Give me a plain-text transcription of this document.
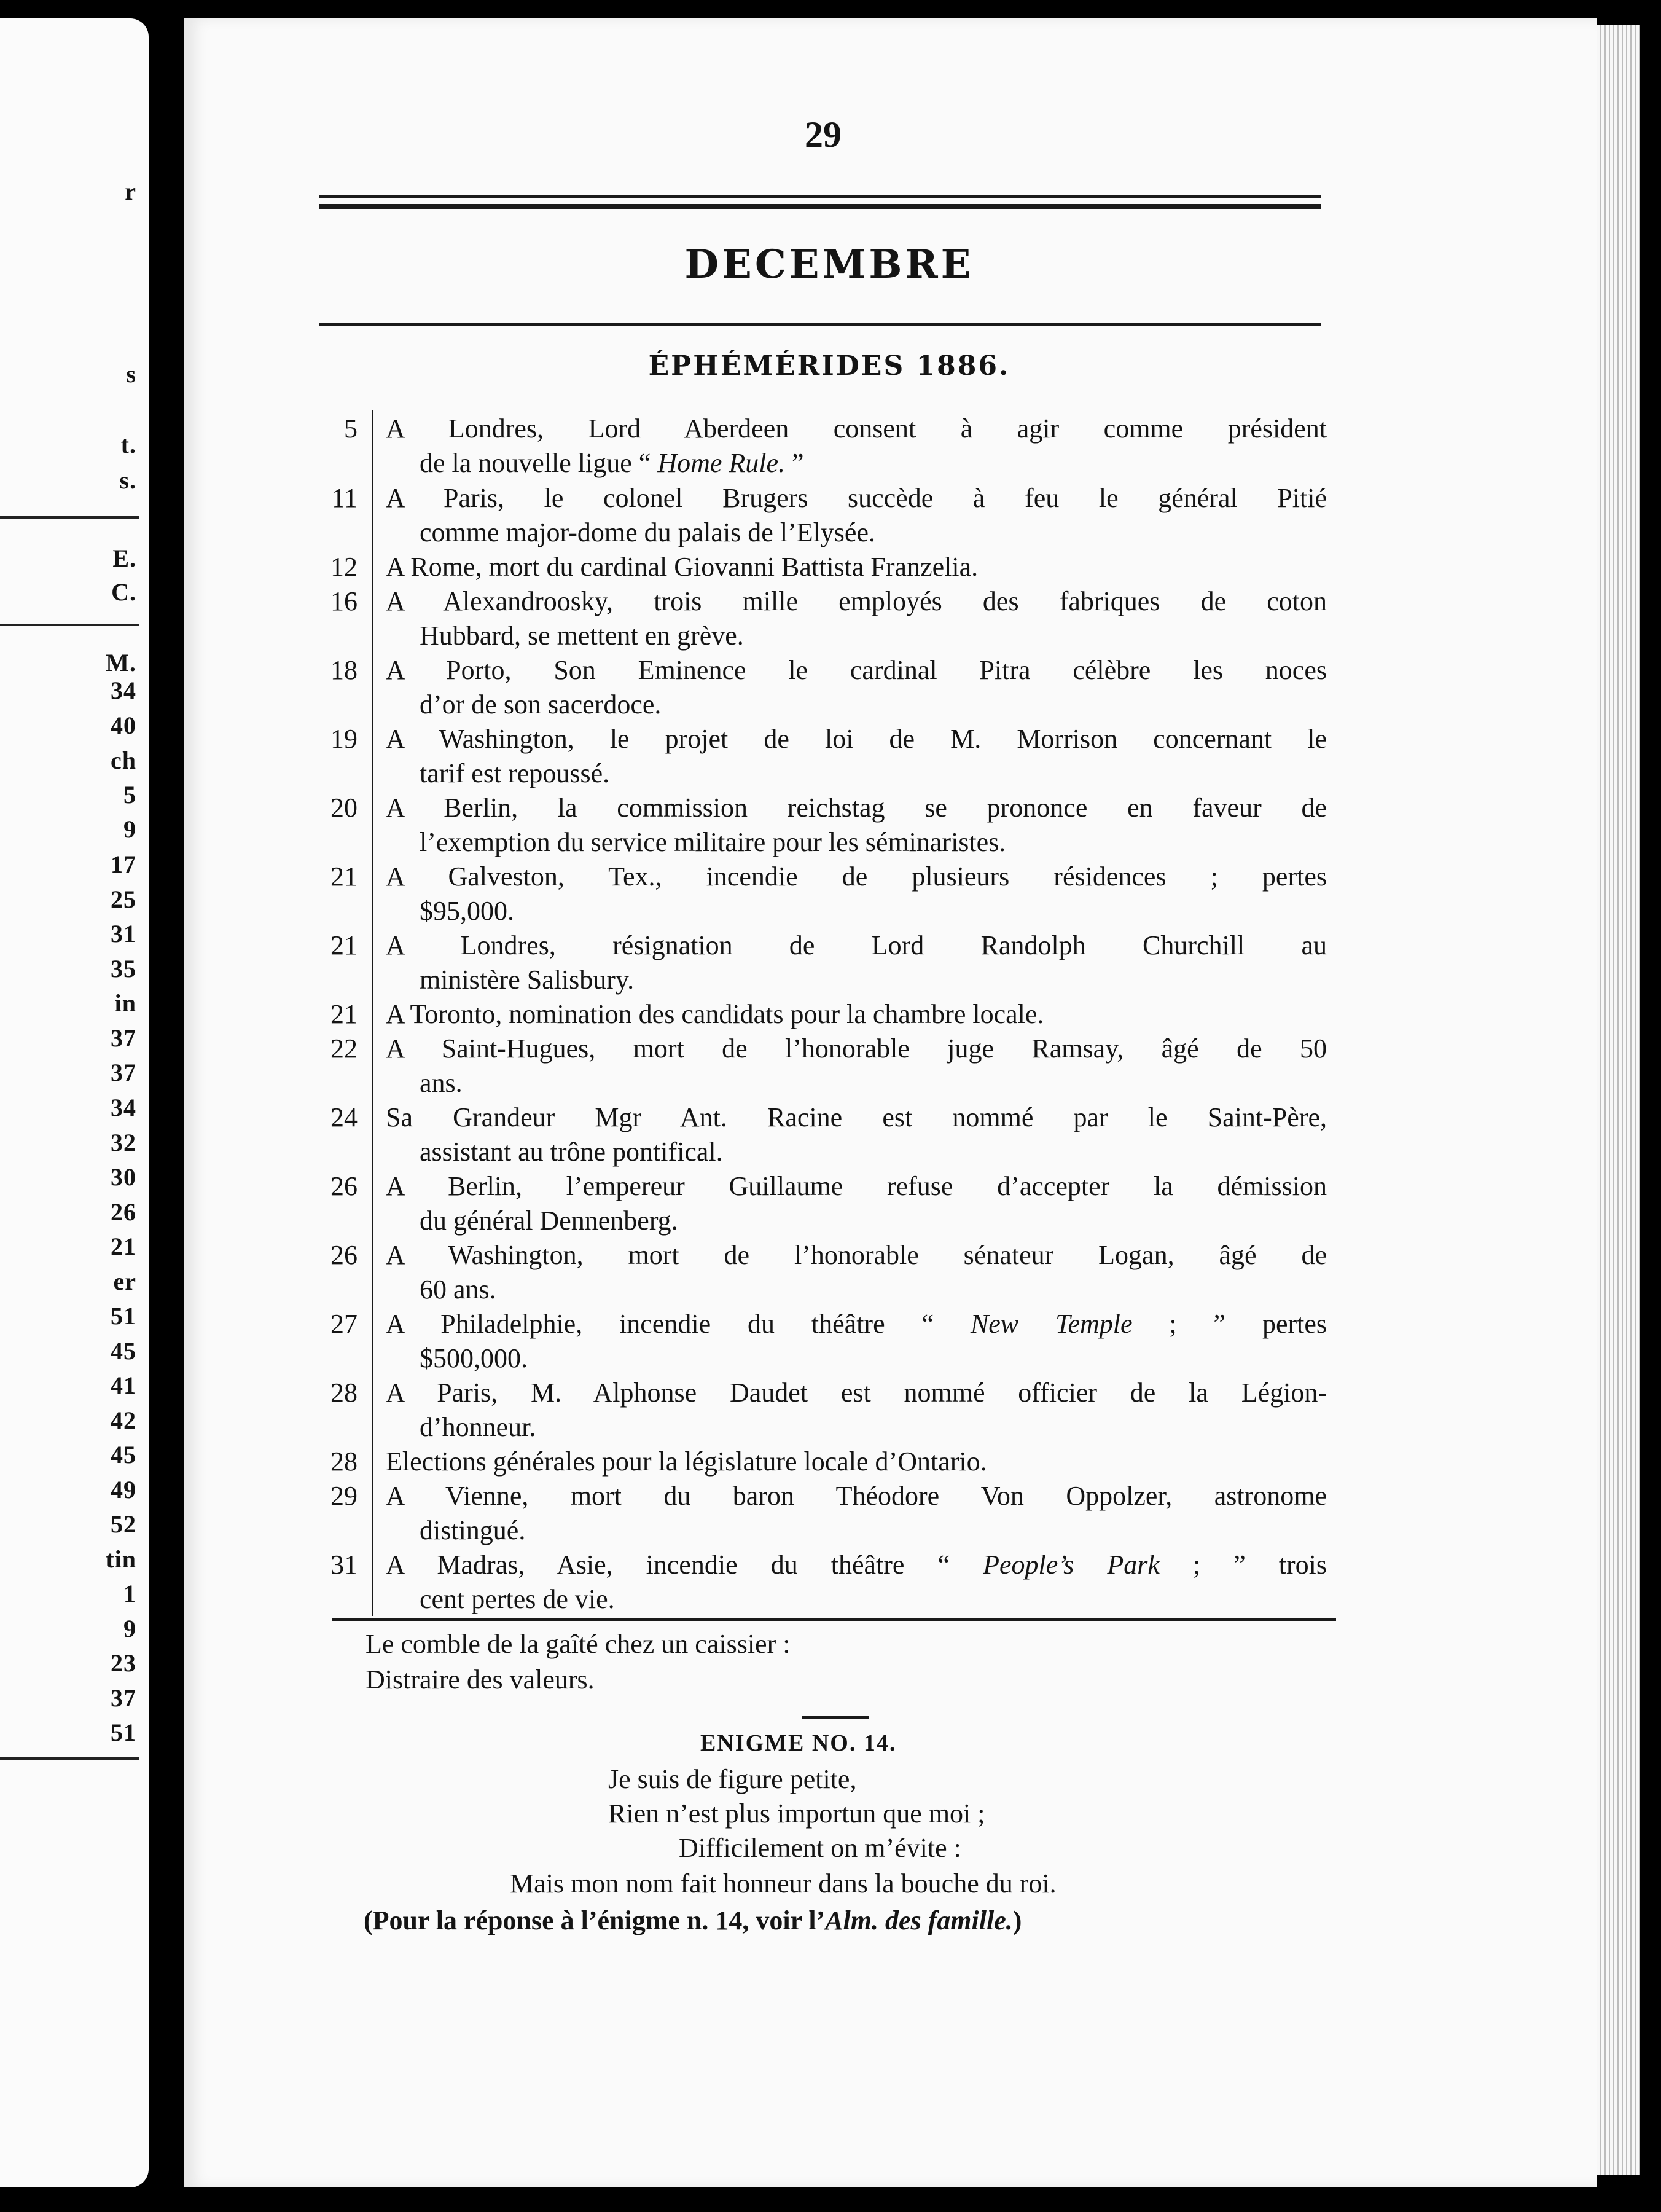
r
s
t.
s.
E.
C.
M.
34
40
ch
5
9
17
25
31
35
in
37
37
34
32
30
26
21
er
51
45
41
42
45
49
52
tin
1
9
23
37
51
29
DECEMBRE
ÉPHÉMÉRIDES 1886.
5 A Londres, Lord Aberdeen consent à agir comme président
de la nouvelle ligue “ Home Rule. ”
11 A Paris, le colonel Brugers succède à feu le général Pitié
comme major-dome du palais de l’Elysée.
12 A Rome, mort du cardinal Giovanni Battista Franzelia.
16 A Alexandroosky, trois mille employés des fabriques de coton
Hubbard, se mettent en grève.
18 A Porto, Son Eminence le cardinal Pitra célèbre les noces
d’or de son sacerdoce.
19 A Washington, le projet de loi de M. Morrison concernant le
tarif est repoussé.
20 A Berlin, la commission reichstag se prononce en faveur de
l’exemption du service militaire pour les séminaristes.
21 A Galveston, Tex., incendie de plusieurs résidences ; pertes
$95,000.
21 A Londres, résignation de Lord Randolph Churchill au
ministère Salisbury.
21 A Toronto, nomination des candidats pour la chambre locale.
22 A Saint-Hugues, mort de l’honorable juge Ramsay, âgé de 50
ans.
24 Sa Grandeur Mgr Ant. Racine est nommé par le Saint-Père,
assistant au trône pontifical.
26 A Berlin, l’empereur Guillaume refuse d’accepter la démission
du général Dennenberg.
26 A Washington, mort de l’honorable sénateur Logan, âgé de
60 ans.
27 A Philadelphie, incendie du théâtre “ New Temple ; ” pertes
$500,000.
28 A Paris, M. Alphonse Daudet est nommé officier de la Légion-
d’honneur.
28 Elections générales pour la législature locale d’Ontario.
29 A Vienne, mort du baron Théodore Von Oppolzer, astronome
distingué.
31 A Madras, Asie, incendie du théâtre “ People’s Park ; ” trois
cent pertes de vie.
Le comble de la gaîté chez un caissier :
Distraire des valeurs.
ENIGME NO. 14.
Je suis de figure petite,
Rien n’est plus importun que moi ;
Difficilement on m’évite :
Mais mon nom fait honneur dans la bouche du roi.
(Pour la réponse à l’énigme n. 14, voir l’Alm. des famille.)
